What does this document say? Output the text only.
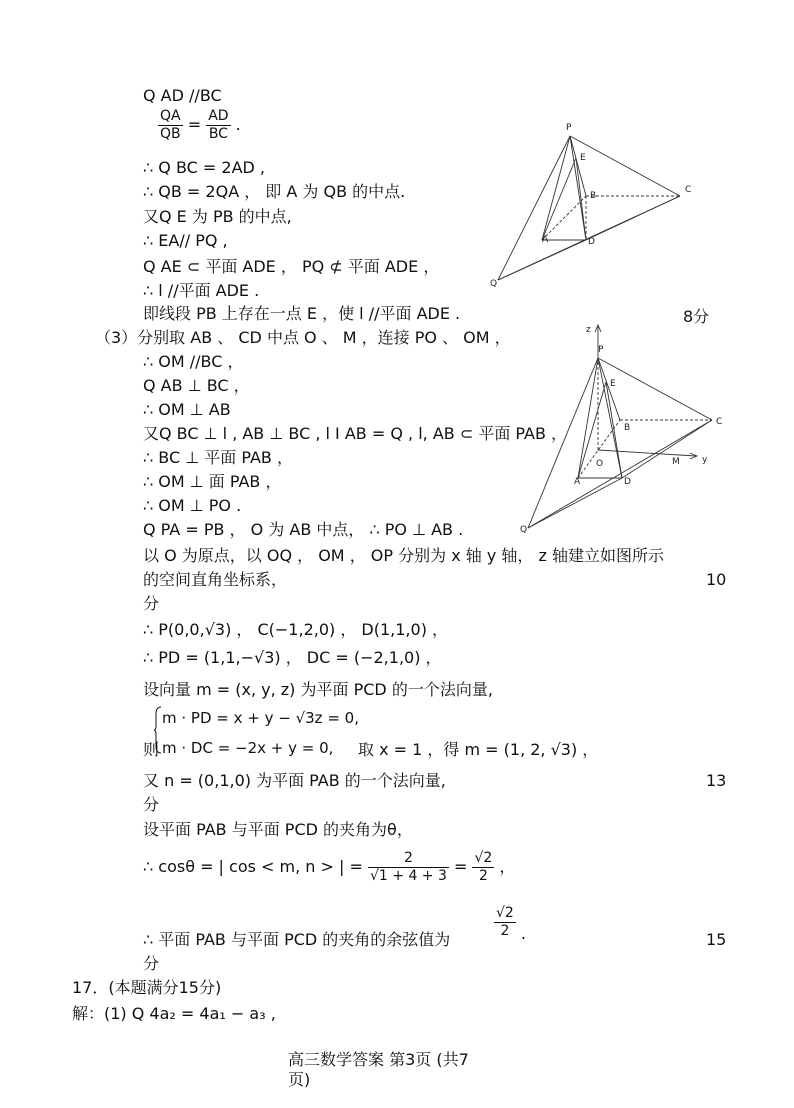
Q AD //BC
$\frac{QA}{QB} = \frac{AD}{BC}$ .
∴ Q BC = 2AD ,
∴ QB = 2QA ， 即 A 为 QB 的中点.
又Q E 为 PB 的中点,
∴ EA// PQ ,
Q AE ⊂ 平面 ADE ， PQ ⊄ 平面 ADE ，
∴ l //平面 ADE .
即线段 PB 上存在一点 E ，使 l //平面 ADE .	8分
（3）分别取 AB 、 CD 中点 O 、 M ，连接 PO 、 OM ，
∴ OM //BC ，
Q AB ⊥ BC ，
∴ OM ⊥ AB
又Q BC ⊥ l , AB ⊥ BC , l I AB = Q , l, AB ⊂ 平面 PAB ，
∴ BC ⊥ 平面 PAB ，
∴ OM ⊥ 面 PAB ，
∴ OM ⊥ PO .
Q PA = PB ， O 为 AB 中点， ∴ PO ⊥ AB .
以 O 为原点，以 OQ ， OM ， OP 分别为 x 轴 y 轴， z 轴建立如图所示
的空间直角坐标系，	10
分
∴ P(0,0,√3) ， C(−1,2,0) ， D(1,1,0) ，
∴ PD = (1,1,−√3) ， DC = (−2,1,0) ，
设向量 m = (x, y, z) 为平面 PCD 的一个法向量,
m · PD = x + y − √3z = 0,
则 m · DC = −2x + y = 0, 取 x = 1 ，得 m = (1, 2, √3) ，
又 n = (0,1,0) 为平面 PAB 的一个法向量,	13
分
设平面 PAB 与平面 PCD 的夹角为θ，
∴ cosθ = | cos < m, n > | = $\frac{2}{√1 + 4 + 3} = \frac{√2}{2}$ ，
∴ 平面 PAB 与平面 PCD 的夹角的余弦值为	$\frac{√2}{2}$ .	15
分
17．(本题满分15分)
解：(1) Q 4a₂ = 4a₁ − a₃ ,
高三数学答案 第3页 (共7
页)
P
E
B
C
A	D
Q
z
P
E
B
C
O	M y
A	D
Q
